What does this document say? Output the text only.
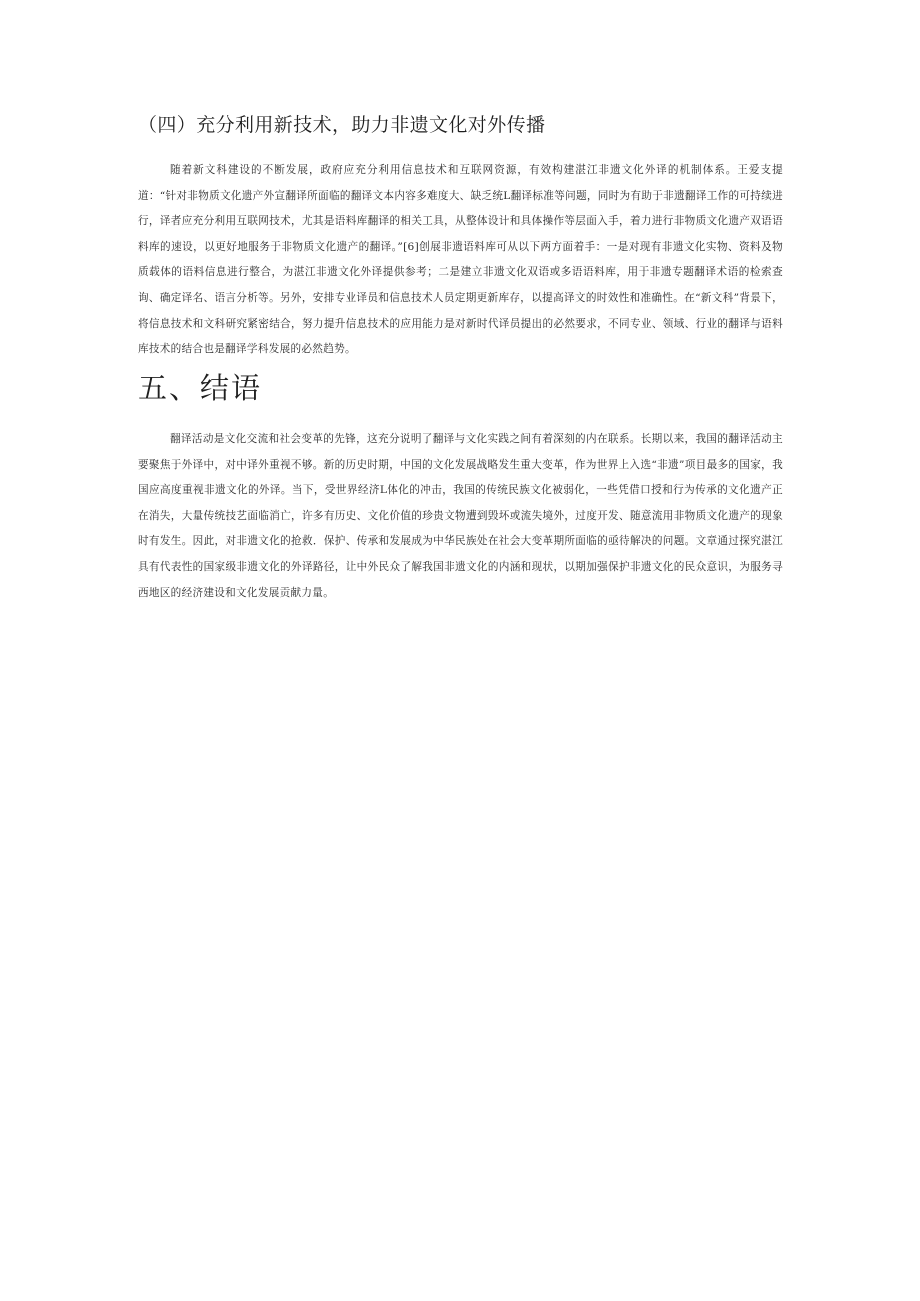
（四）充分利用新技术，助力非遗文化对外传播

随着新文科建设的不断发展，政府应充分利用信息技术和互联网资源，有效构建湛江非遗文化外译的机制体系。王爱支提道：“针对非物质文化遗产外宣翻译所面临的翻译文本内容多难度大、缺乏统L翻译标准等问题，同时为有助于非遗翻译工作的可持续进行，译者应充分利用互联网技术，尤其是语料库翻译的相关工具，从整体设计和具体操作等层面入手，着力进行非物质文化遗产双语语料库的速设，以更好地服务于非物质文化遗产的翻译。”[6]创展非遗语料库可从以下两方面着手：一是对现有非遗文化实物、资料及物质载体的语料信息进行整合，为湛江非遗文化外译提供参考；二是建立非遗文化双语或多语语料库，用于非遗专题翻译术语的检索查询、确定译名、语言分析等。另外，安排专业译员和信息技术人员定期更新库存，以提高译文的时效性和准确性。在“新文科”背景下，将信息技术和文科研究紧密结合，努力提升信息技术的应用能力是对新时代译员提出的必然要求，不同专业、领域、行业的翻译与语料库技术的结合也是翻译学科发展的必然趋势。

五、结语

翻译活动是文化交流和社会变革的先锋，这充分说明了翻译与文化实践之间有着深刻的内在联系。长期以来，我国的翻译活动主要聚焦于外译中，对中译外重视不够。新的历史时期，中国的文化发展战略发生重大变革，作为世界上入选“非遗”项目最多的国家，我国应高度重视非遗文化的外译。当下，受世界经济L体化的冲击，我国的传统民族文化被弱化，一些凭借口授和行为传承的文化遗产正在消失，大量传统技艺面临消亡，许多有历史、文化价值的珍贵文物遭到毁坏或流失境外，过度开发、随意流用非物质文化遗产的现象时有发生。因此，对非遗文化的抢救．保护、传承和发展成为中华民族处在社会大变革期所面临的亟待解决的问题。文章通过探究湛江具有代表性的国家级非遗文化的外译路径，让中外民众了解我国非遗文化的内涵和现状，以期加强保护非遗文化的民众意识，为服务寻西地区的经济建设和文化发展贡献力量。
